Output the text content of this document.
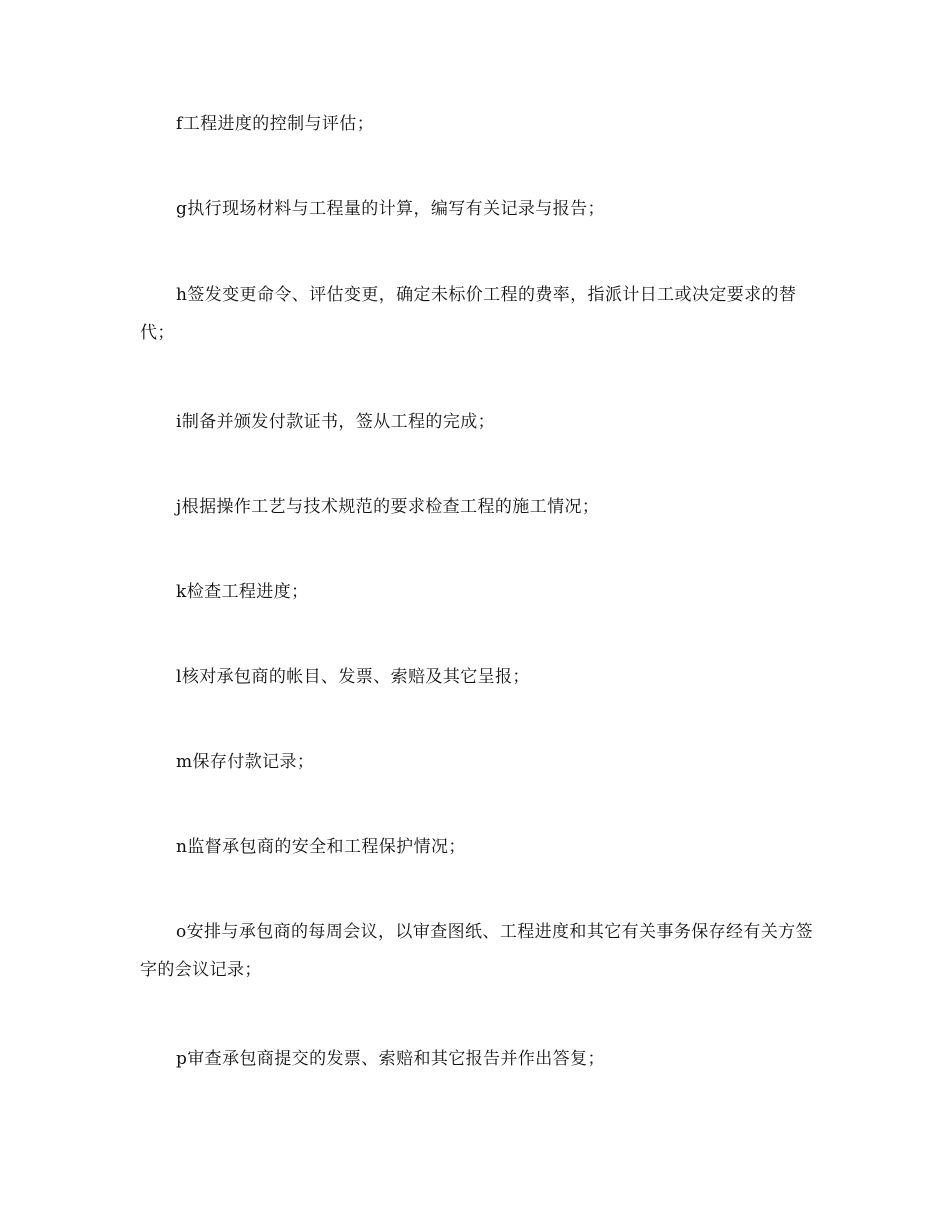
f工程进度的控制与评估；

g执行现场材料与工程量的计算，编写有关记录与报告；

h签发变更命令、评估变更，确定未标价工程的费率，指派计日工或决定要求的替代；

i制备并颁发付款证书，签从工程的完成；

j根据操作工艺与技术规范的要求检查工程的施工情况；

k检查工程进度；

l核对承包商的帐目、发票、索赔及其它呈报；

m保存付款记录；

n监督承包商的安全和工程保护情况；

o安排与承包商的每周会议，以审查图纸、工程进度和其它有关事务保存经有关方签字的会议记录；

p审查承包商提交的发票、索赔和其它报告并作出答复；
